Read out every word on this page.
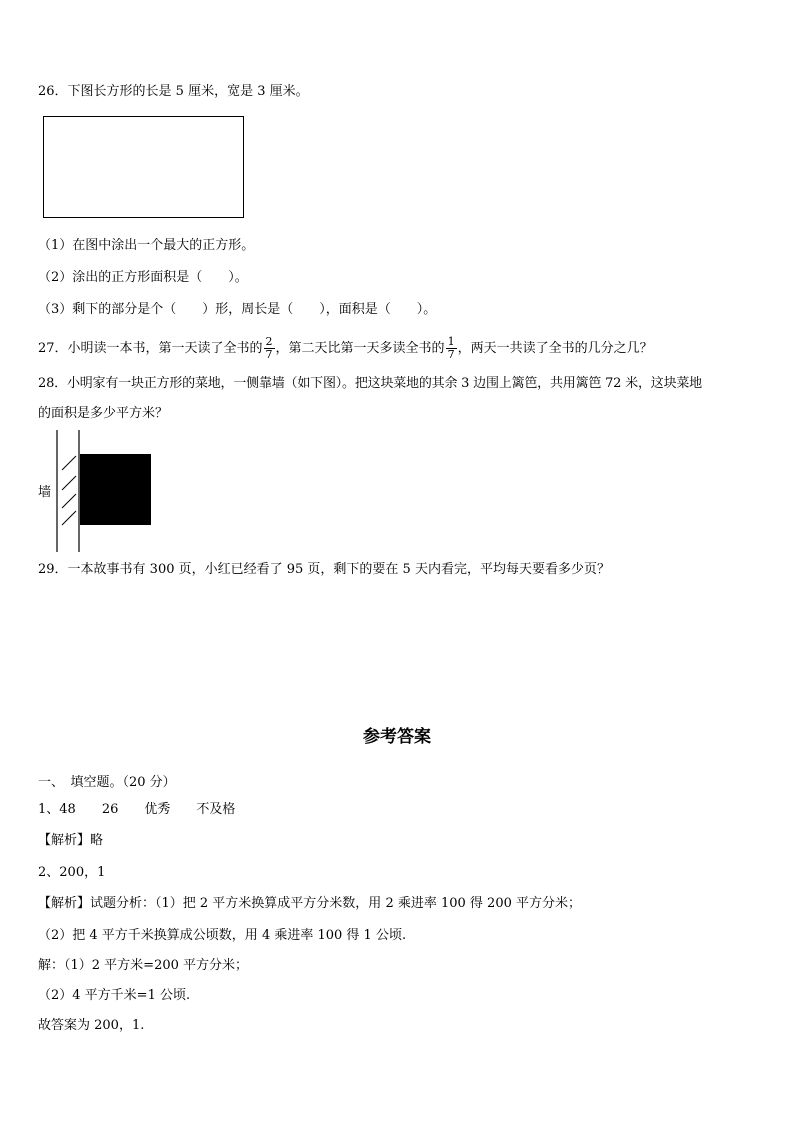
26．下图长方形的长是 5 厘米，宽是 3 厘米。
（1）在图中涂出一个最大的正方形。
（2）涂出的正方形面积是（　　）。
（3）剩下的部分是个（　　）形，周长是（　　），面积是（　　）。
27．小明读一本书，第一天读了全书的 $\frac{2}{7}$ ，第二天比第一天多读全书的 $\frac{1}{7}$ ，两天一共读了全书的几分之几？
28．小明家有一块正方形的菜地，一侧靠墙（如下图）。把这块菜地的其余 3 边围上篱笆，共用篱笆 72 米，这块菜地
的面积是多少平方米？
墙
29．一本故事书有 300 页，小红已经看了 95 页，剩下的要在 5 天内看完，平均每天要看多少页？
参考答案
一、　填空题。（20 分）
1、48 26 优秀 不及格
【解析】略
2、200，1
【解析】试题分析：（1）把 2 平方米换算成平方分米数，用 2 乘进率 100 得 200 平方分米；
（2）把 4 平方千米换算成公顷数，用 4 乘进率 100 得 1 公顷.
解：（1）2 平方米=200 平方分米；
（2）4 平方千米=1 公顷.
故答案为 200，1.
